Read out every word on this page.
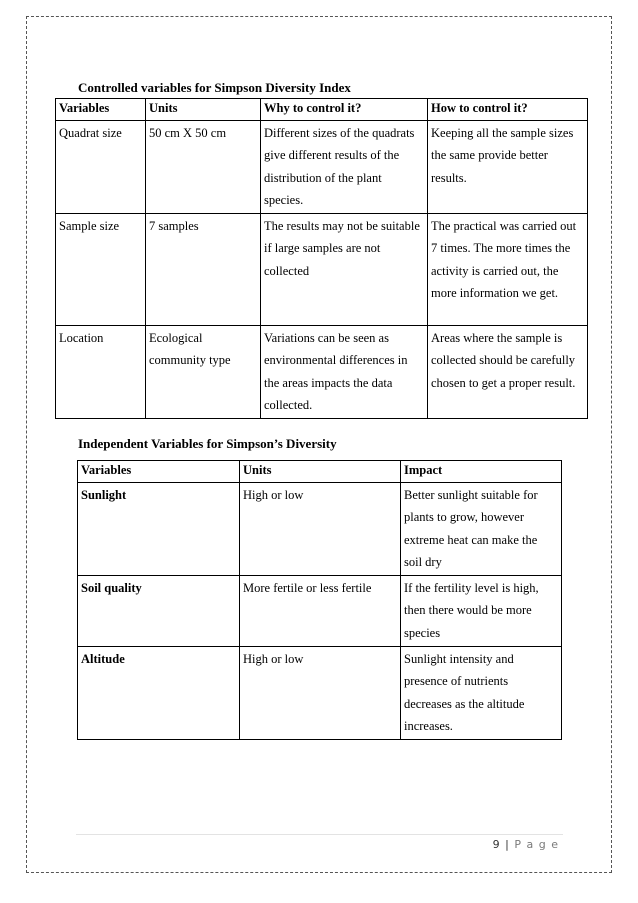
Controlled variables for Simpson Diversity Index
Variables	Units	Why to control it?	How to control it?
Quadrat size	50 cm X 50 cm	Different sizes of the quadrats give different results of the distribution of the plant species.	Keeping all the sample sizes the same provide better results.
Sample size	7 samples	The results may not be suitable if large samples are not collected	The practical was carried out 7 times. The more times the activity is carried out, the more information we get.
Location	Ecological community type	Variations can be seen as environmental differences in the areas impacts the data collected.	Areas where the sample is collected should be carefully chosen to get a proper result.
Independent Variables for Simpson’s Diversity
Variables	Units	Impact
Sunlight	High or low	Better sunlight suitable for plants to grow, however extreme heat can make the soil dry
Soil quality	More fertile or less fertile	If the fertility level is high, then there would be more species
Altitude	High or low	Sunlight intensity and presence of nutrients decreases as the altitude increases.
9 | P a g e
